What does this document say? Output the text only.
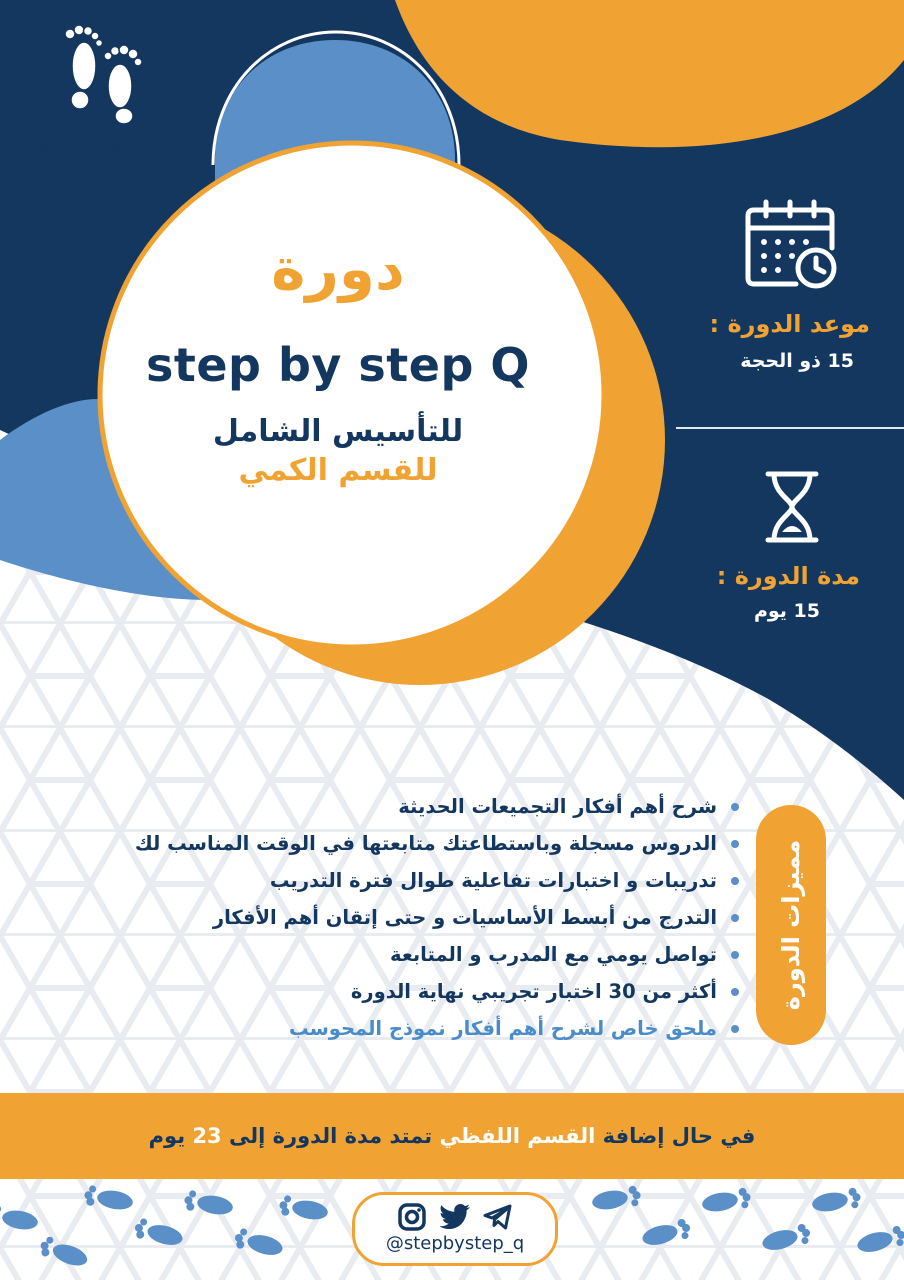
Step By Step Q
دورة
step by step Q
للتأسيس الشامل
للقسم الكمي
موعد الدورة :
15 ذو الحجة
مدة الدورة :
15 يوم
مميزات الدورة
شرح أهم أفكار التجميعات الحديثة
الدروس مسجلة وباستطاعتك متابعتها في الوقت المناسب لك
تدريبات و اختبارات تفاعلية طوال فترة التدريب
التدرج من أبسط الأساسيات و حتى إتقان أهم الأفكار
تواصل يومي مع المدرب و المتابعة
أكثر من 30 اختبار تجريبي نهاية الدورة
ملحق خاص لشرح أهم أفكار نموذج المحوسب
في حال إضافة القسم اللفظي تمتد مدة الدورة إلى 23 يوم

@stepbystep_q
